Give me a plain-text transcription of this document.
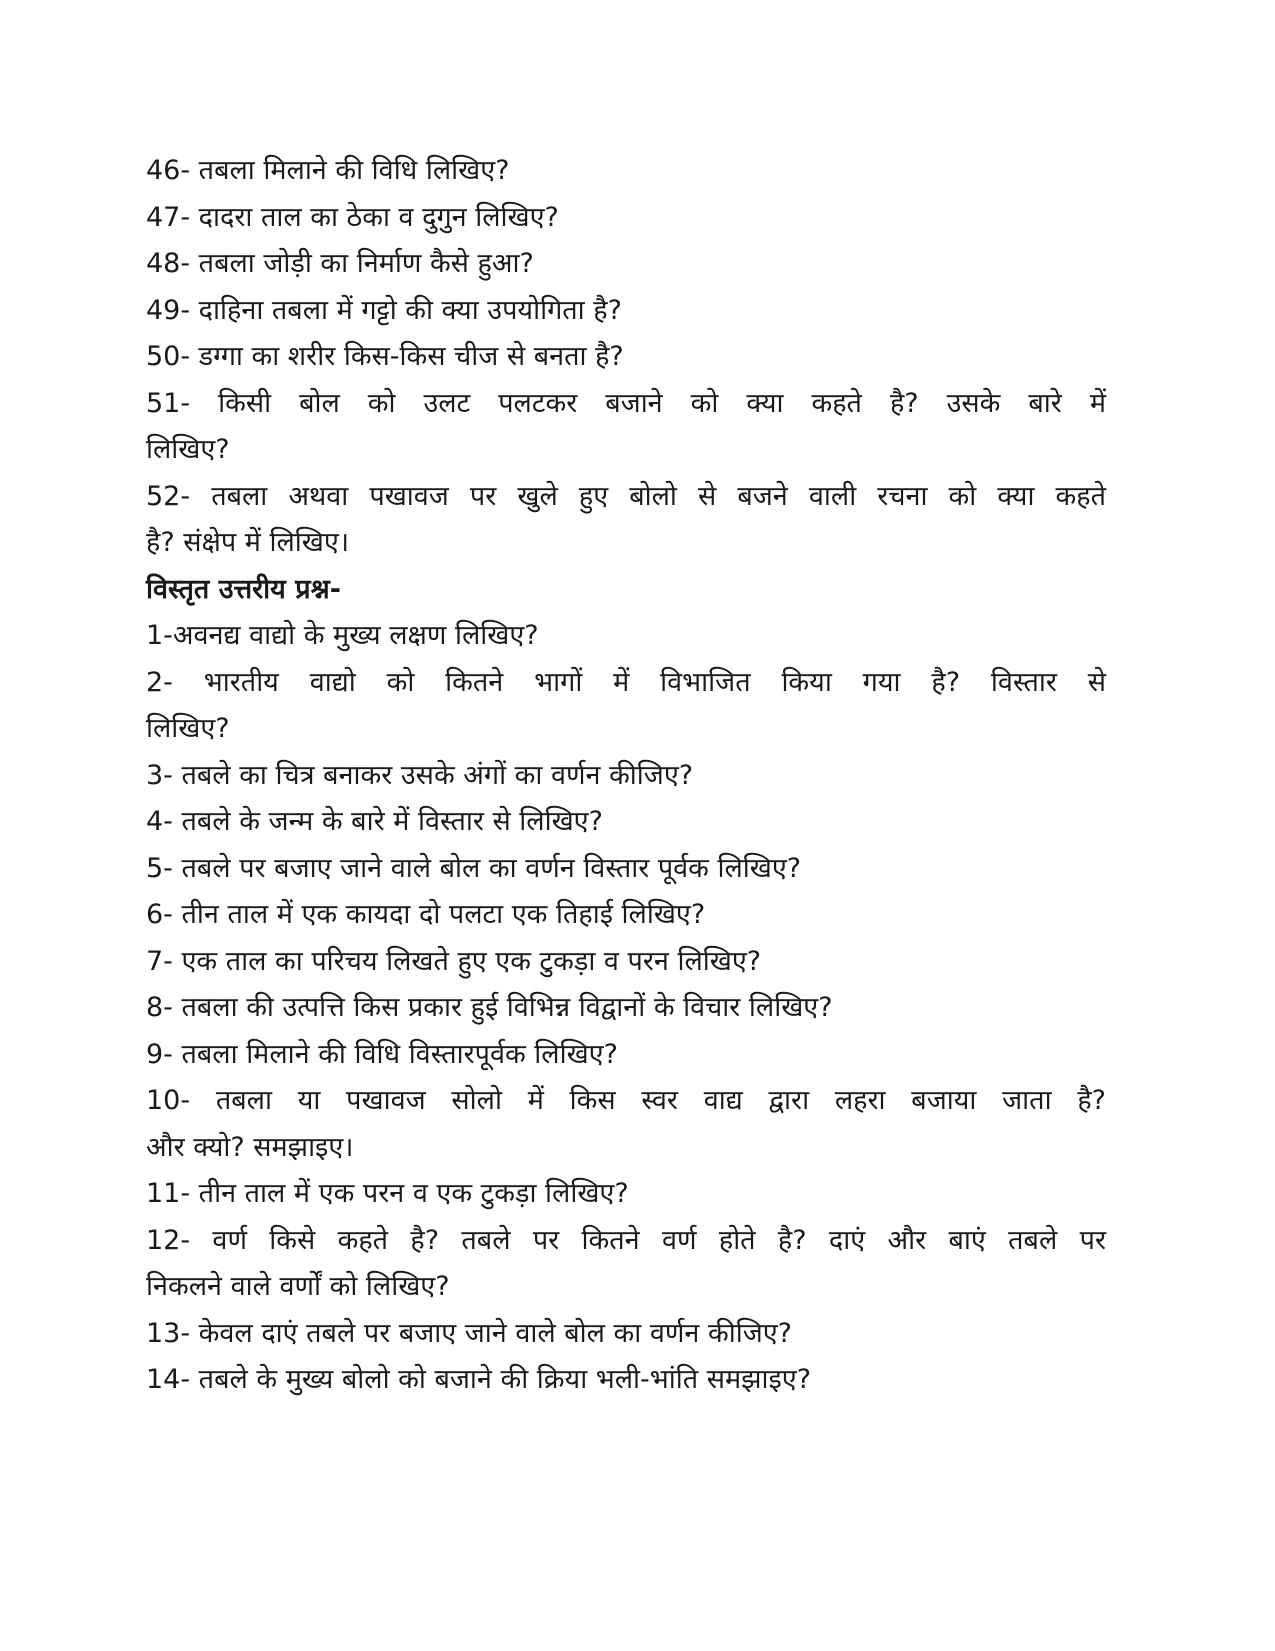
46- तबला मिलाने की विधि लिखिए?

47- दादरा ताल का ठेका व दुगुन लिखिए?

48- तबला जोड़ी का निर्माण कैसे हुआ?

49- दाहिना तबला में गट्टो की क्या उपयोगिता है?

50- डग्गा का शरीर किस-किस चीज से बनता है?

51- किसी बोल को उलट पलटकर बजाने को क्या कहते है? उसके बारे में

लिखिए?

52- तबला अथवा पखावज पर खुले हुए बोलो से बजने वाली रचना को क्या कहते

है? संक्षेप में लिखिए।

विस्तृत उत्तरीय प्रश्न-

1-अवनद्य वाद्यो के मुख्य लक्षण लिखिए?

2- भारतीय वाद्यो को कितने भागों में विभाजित किया गया है? विस्तार से

लिखिए?

3- तबले का चित्र बनाकर उसके अंगों का वर्णन कीजिए?

4- तबले के जन्म के बारे में विस्तार से लिखिए?

5- तबले पर बजाए जाने वाले बोल का वर्णन विस्तार पूर्वक लिखिए?

6- तीन ताल में एक कायदा दो पलटा एक तिहाई लिखिए?

7- एक ताल का परिचय लिखते हुए एक टुकड़ा व परन लिखिए?

8- तबला की उत्पत्ति किस प्रकार हुई विभिन्न विद्वानों के विचार लिखिए?

9- तबला मिलाने की विधि विस्तारपूर्वक लिखिए?

10- तबला या पखावज सोलो में किस स्वर वाद्य द्वारा लहरा बजाया जाता है?

और क्यो? समझाइए।

11- तीन ताल में एक परन व एक टुकड़ा लिखिए?

12- वर्ण किसे कहते है? तबले पर कितने वर्ण होते है? दाएं और बाएं तबले पर

निकलने वाले वर्णों को लिखिए?

13- केवल दाएं तबले पर बजाए जाने वाले बोल का वर्णन कीजिए?

14- तबले के मुख्य बोलो को बजाने की क्रिया भली-भांति समझाइए?
